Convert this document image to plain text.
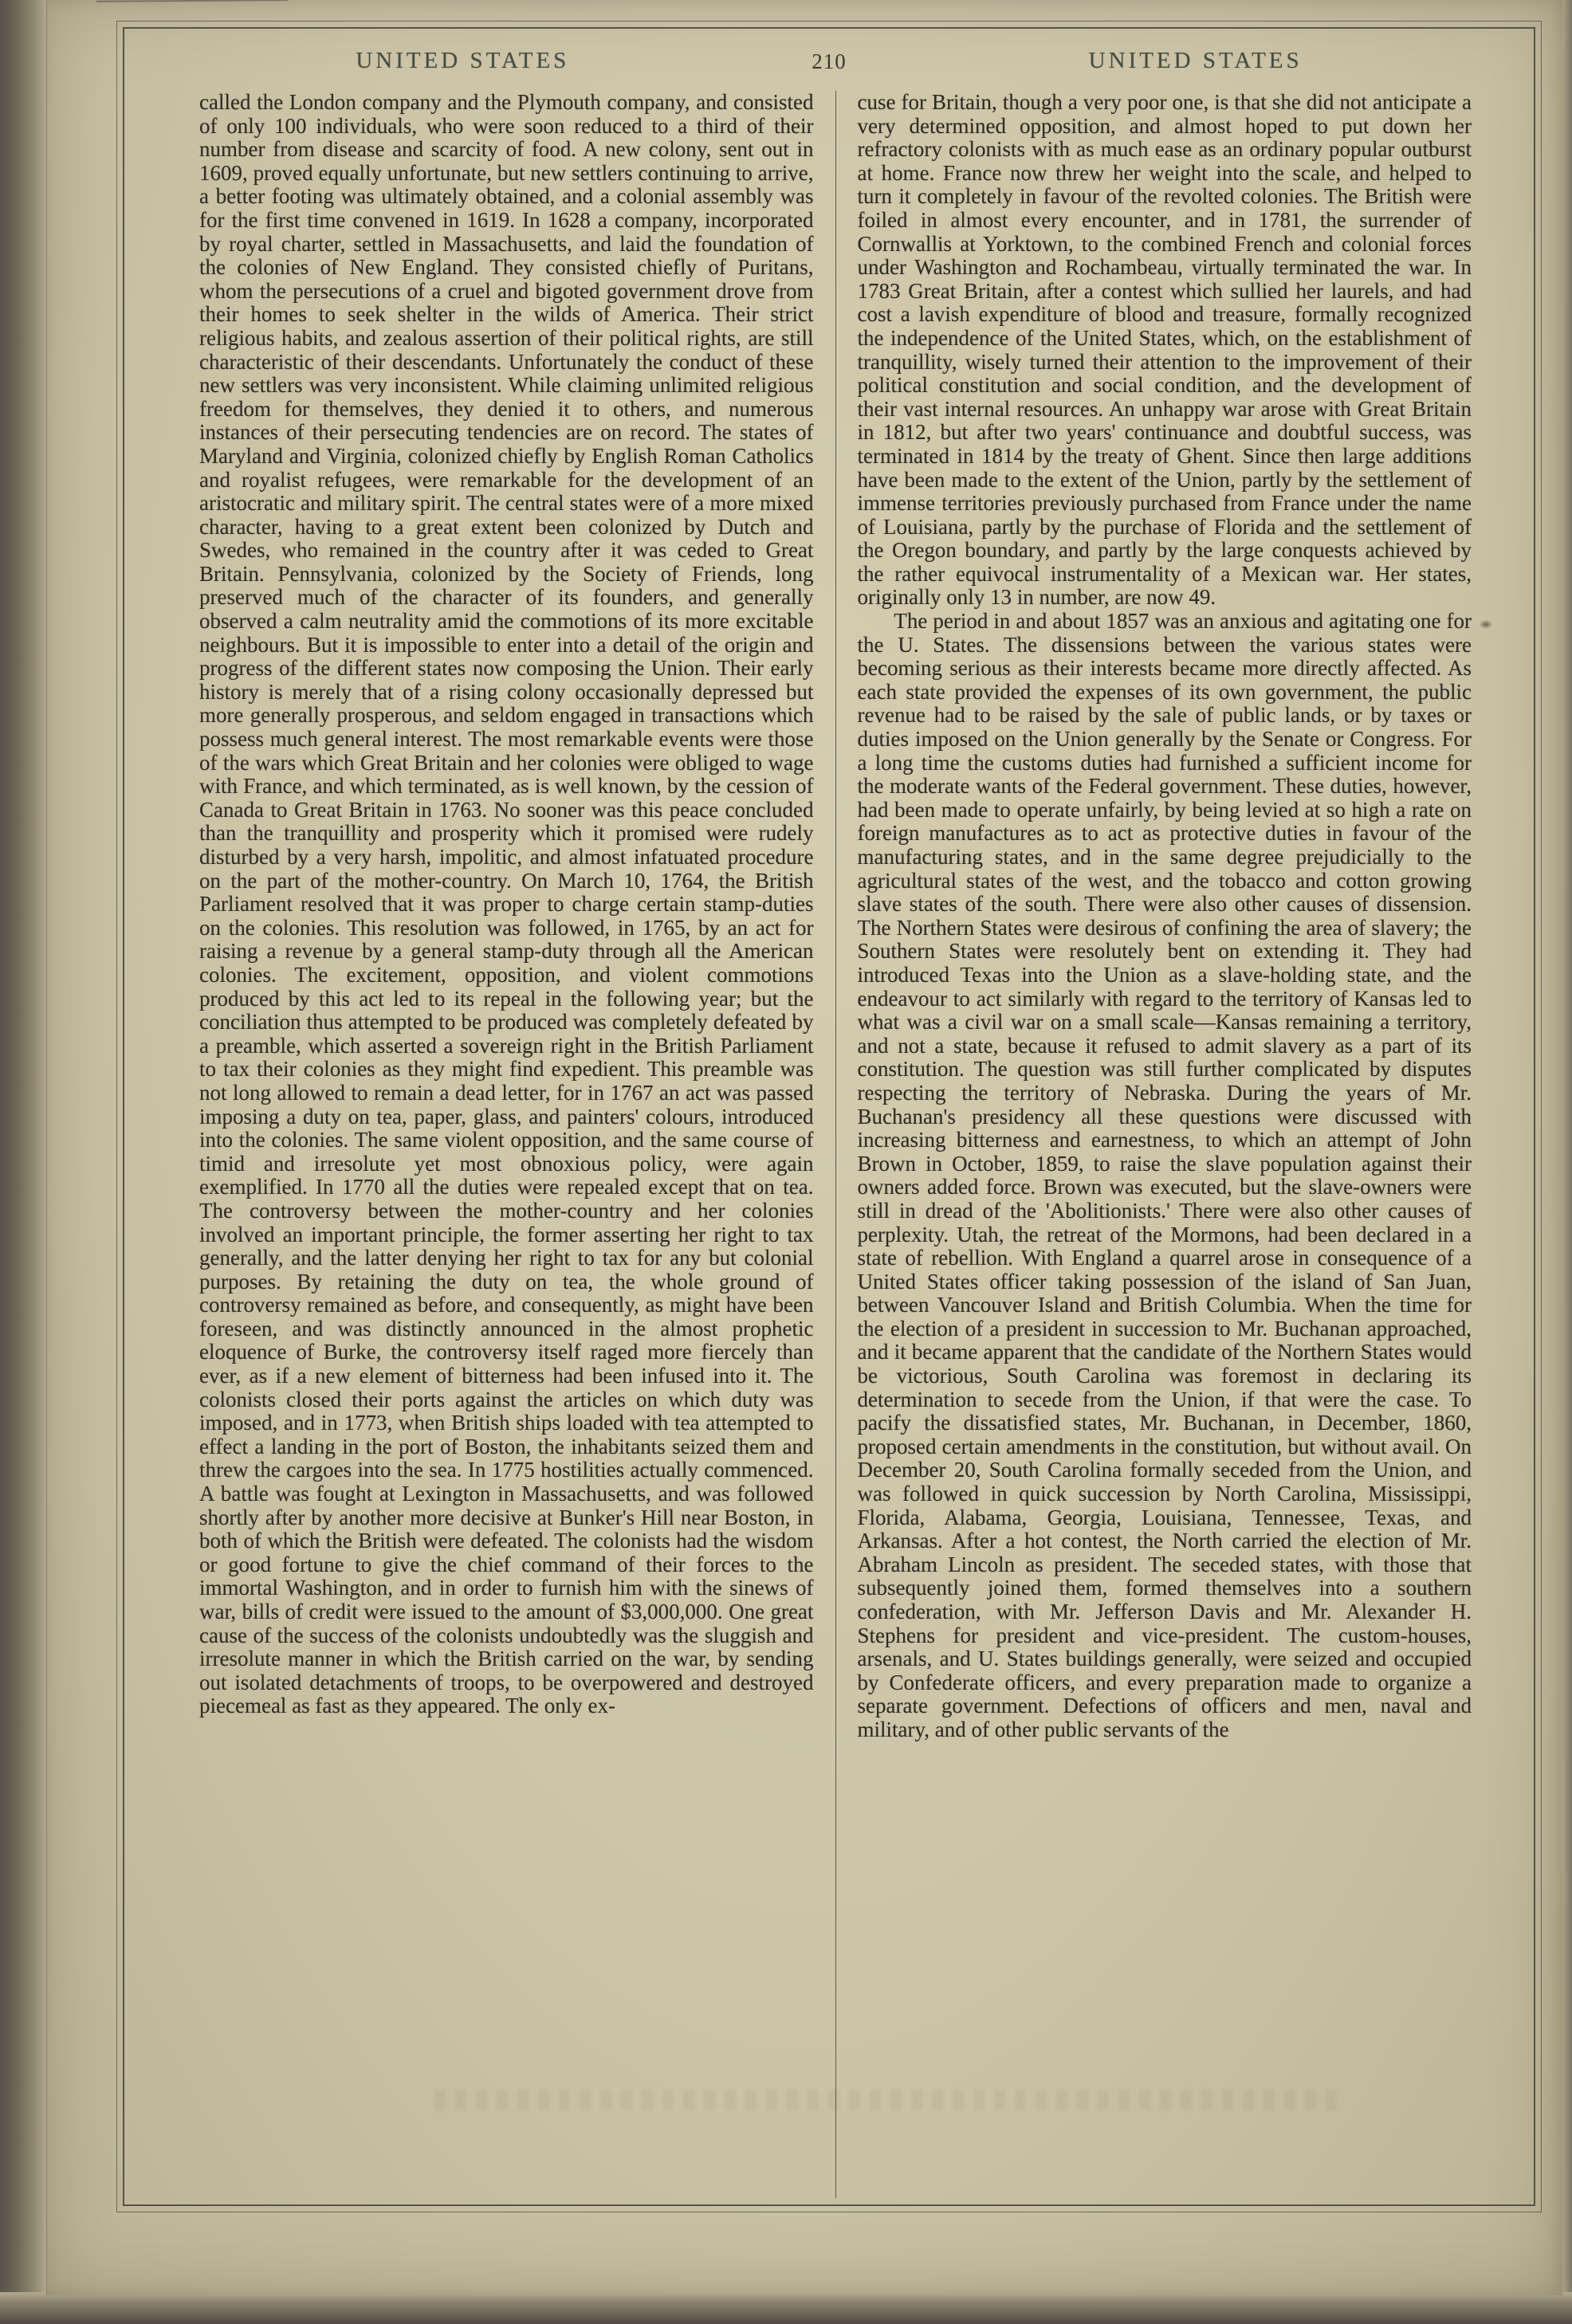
UNITED STATES	210	UNITED STATES

called the London company and the Plymouth company, and consisted of only 100 individuals, who were soon reduced to a third of their number from disease and scarcity of food. A new colony, sent out in 1609, proved equally unfortunate, but new settlers continuing to arrive, a better footing was ultimately obtained, and a colonial assembly was for the first time convened in 1619. In 1628 a company, incorporated by royal charter, settled in Massachusetts, and laid the foundation of the colonies of New England. They consisted chiefly of Puritans, whom the persecutions of a cruel and bigoted government drove from their homes to seek shelter in the wilds of America. Their strict religious habits, and zealous assertion of their political rights, are still characteristic of their descendants. Unfortunately the conduct of these new settlers was very inconsistent. While claiming unlimited religious freedom for themselves, they denied it to others, and numerous instances of their persecuting tendencies are on record. The states of Maryland and Virginia, colonized chiefly by English Roman Catholics and royalist refugees, were remarkable for the development of an aristocratic and military spirit. The central states were of a more mixed character, having to a great extent been colonized by Dutch and Swedes, who remained in the country after it was ceded to Great Britain. Pennsylvania, colonized by the Society of Friends, long preserved much of the character of its founders, and generally observed a calm neutrality amid the commotions of its more excitable neighbours. But it is impossible to enter into a detail of the origin and progress of the different states now composing the Union. Their early history is merely that of a rising colony occasionally depressed but more generally prosperous, and seldom engaged in transactions which possess much general interest. The most remarkable events were those of the wars which Great Britain and her colonies were obliged to wage with France, and which terminated, as is well known, by the cession of Canada to Great Britain in 1763. No sooner was this peace concluded than the tranquillity and prosperity which it promised were rudely disturbed by a very harsh, impolitic, and almost infatuated procedure on the part of the mother-country. On March 10, 1764, the British Parliament resolved that it was proper to charge certain stamp-duties on the colonies. This resolution was followed, in 1765, by an act for raising a revenue by a general stamp-duty through all the American colonies. The excitement, opposition, and violent commotions produced by this act led to its repeal in the following year; but the conciliation thus attempted to be produced was completely defeated by a preamble, which asserted a sovereign right in the British Parliament to tax their colonies as they might find expedient. This preamble was not long allowed to remain a dead letter, for in 1767 an act was passed imposing a duty on tea, paper, glass, and painters' colours, introduced into the colonies. The same violent opposition, and the same course of timid and irresolute yet most obnoxious policy, were again exemplified. In 1770 all the duties were repealed except that on tea. The controversy between the mother-country and her colonies involved an important principle, the former asserting her right to tax generally, and the latter denying her right to tax for any but colonial purposes. By retaining the duty on tea, the whole ground of controversy remained as before, and consequently, as might have been foreseen, and was distinctly announced in the almost prophetic eloquence of Burke, the controversy itself raged more fiercely than ever, as if a new element of bitterness had been infused into it. The colonists closed their ports against the articles on which duty was imposed, and in 1773, when British ships loaded with tea attempted to effect a landing in the port of Boston, the inhabitants seized them and threw the cargoes into the sea. In 1775 hostilities actually commenced. A battle was fought at Lexington in Massachusetts, and was followed shortly after by another more decisive at Bunker's Hill near Boston, in both of which the British were defeated. The colonists had the wisdom or good fortune to give the chief command of their forces to the immortal Washington, and in order to furnish him with the sinews of war, bills of credit were issued to the amount of $3,000,000. One great cause of the success of the colonists undoubtedly was the sluggish and irresolute manner in which the British carried on the war, by sending out isolated detachments of troops, to be overpowered and destroyed piecemeal as fast as they appeared. The only ex-

cuse for Britain, though a very poor one, is that she did not anticipate a very determined opposition, and almost hoped to put down her refractory colonists with as much ease as an ordinary popular outburst at home. France now threw her weight into the scale, and helped to turn it completely in favour of the revolted colonies. The British were foiled in almost every encounter, and in 1781, the surrender of Cornwallis at Yorktown, to the combined French and colonial forces under Washington and Rochambeau, virtually terminated the war. In 1783 Great Britain, after a contest which sullied her laurels, and had cost a lavish expenditure of blood and treasure, formally recognized the independence of the United States, which, on the establishment of tranquillity, wisely turned their attention to the improvement of their political constitution and social condition, and the development of their vast internal resources. An unhappy war arose with Great Britain in 1812, but after two years' continuance and doubtful success, was terminated in 1814 by the treaty of Ghent. Since then large additions have been made to the extent of the Union, partly by the settlement of immense territories previously purchased from France under the name of Louisiana, partly by the purchase of Florida and the settlement of the Oregon boundary, and partly by the large conquests achieved by the rather equivocal instrumentality of a Mexican war. Her states, originally only 13 in number, are now 49.

The period in and about 1857 was an anxious and agitating one for the U. States. The dissensions between the various states were becoming serious as their interests became more directly affected. As each state provided the expenses of its own government, the public revenue had to be raised by the sale of public lands, or by taxes or duties imposed on the Union generally by the Senate or Congress. For a long time the customs duties had furnished a sufficient income for the moderate wants of the Federal government. These duties, however, had been made to operate unfairly, by being levied at so high a rate on foreign manufactures as to act as protective duties in favour of the manufacturing states, and in the same degree prejudicially to the agricultural states of the west, and the tobacco and cotton growing slave states of the south. There were also other causes of dissension. The Northern States were desirous of confining the area of slavery; the Southern States were resolutely bent on extending it. They had introduced Texas into the Union as a slave-holding state, and the endeavour to act similarly with regard to the territory of Kansas led to what was a civil war on a small scale—Kansas remaining a territory, and not a state, because it refused to admit slavery as a part of its constitution. The question was still further complicated by disputes respecting the territory of Nebraska. During the years of Mr. Buchanan's presidency all these questions were discussed with increasing bitterness and earnestness, to which an attempt of John Brown in October, 1859, to raise the slave population against their owners added force. Brown was executed, but the slave-owners were still in dread of the 'Abolitionists.' There were also other causes of perplexity. Utah, the retreat of the Mormons, had been declared in a state of rebellion. With England a quarrel arose in consequence of a United States officer taking possession of the island of San Juan, between Vancouver Island and British Columbia. When the time for the election of a president in succession to Mr. Buchanan approached, and it became apparent that the candidate of the Northern States would be victorious, South Carolina was foremost in declaring its determination to secede from the Union, if that were the case. To pacify the dissatisfied states, Mr. Buchanan, in December, 1860, proposed certain amendments in the constitution, but without avail. On December 20, South Carolina formally seceded from the Union, and was followed in quick succession by North Carolina, Mississippi, Florida, Alabama, Georgia, Louisiana, Tennessee, Texas, and Arkansas. After a hot contest, the North carried the election of Mr. Abraham Lincoln as president. The seceded states, with those that subsequently joined them, formed themselves into a southern confederation, with Mr. Jefferson Davis and Mr. Alexander H. Stephens for president and vice-president. The custom-houses, arsenals, and U. States buildings generally, were seized and occupied by Confederate officers, and every preparation made to organize a separate government. Defections of officers and men, naval and military, and of other public servants of the
